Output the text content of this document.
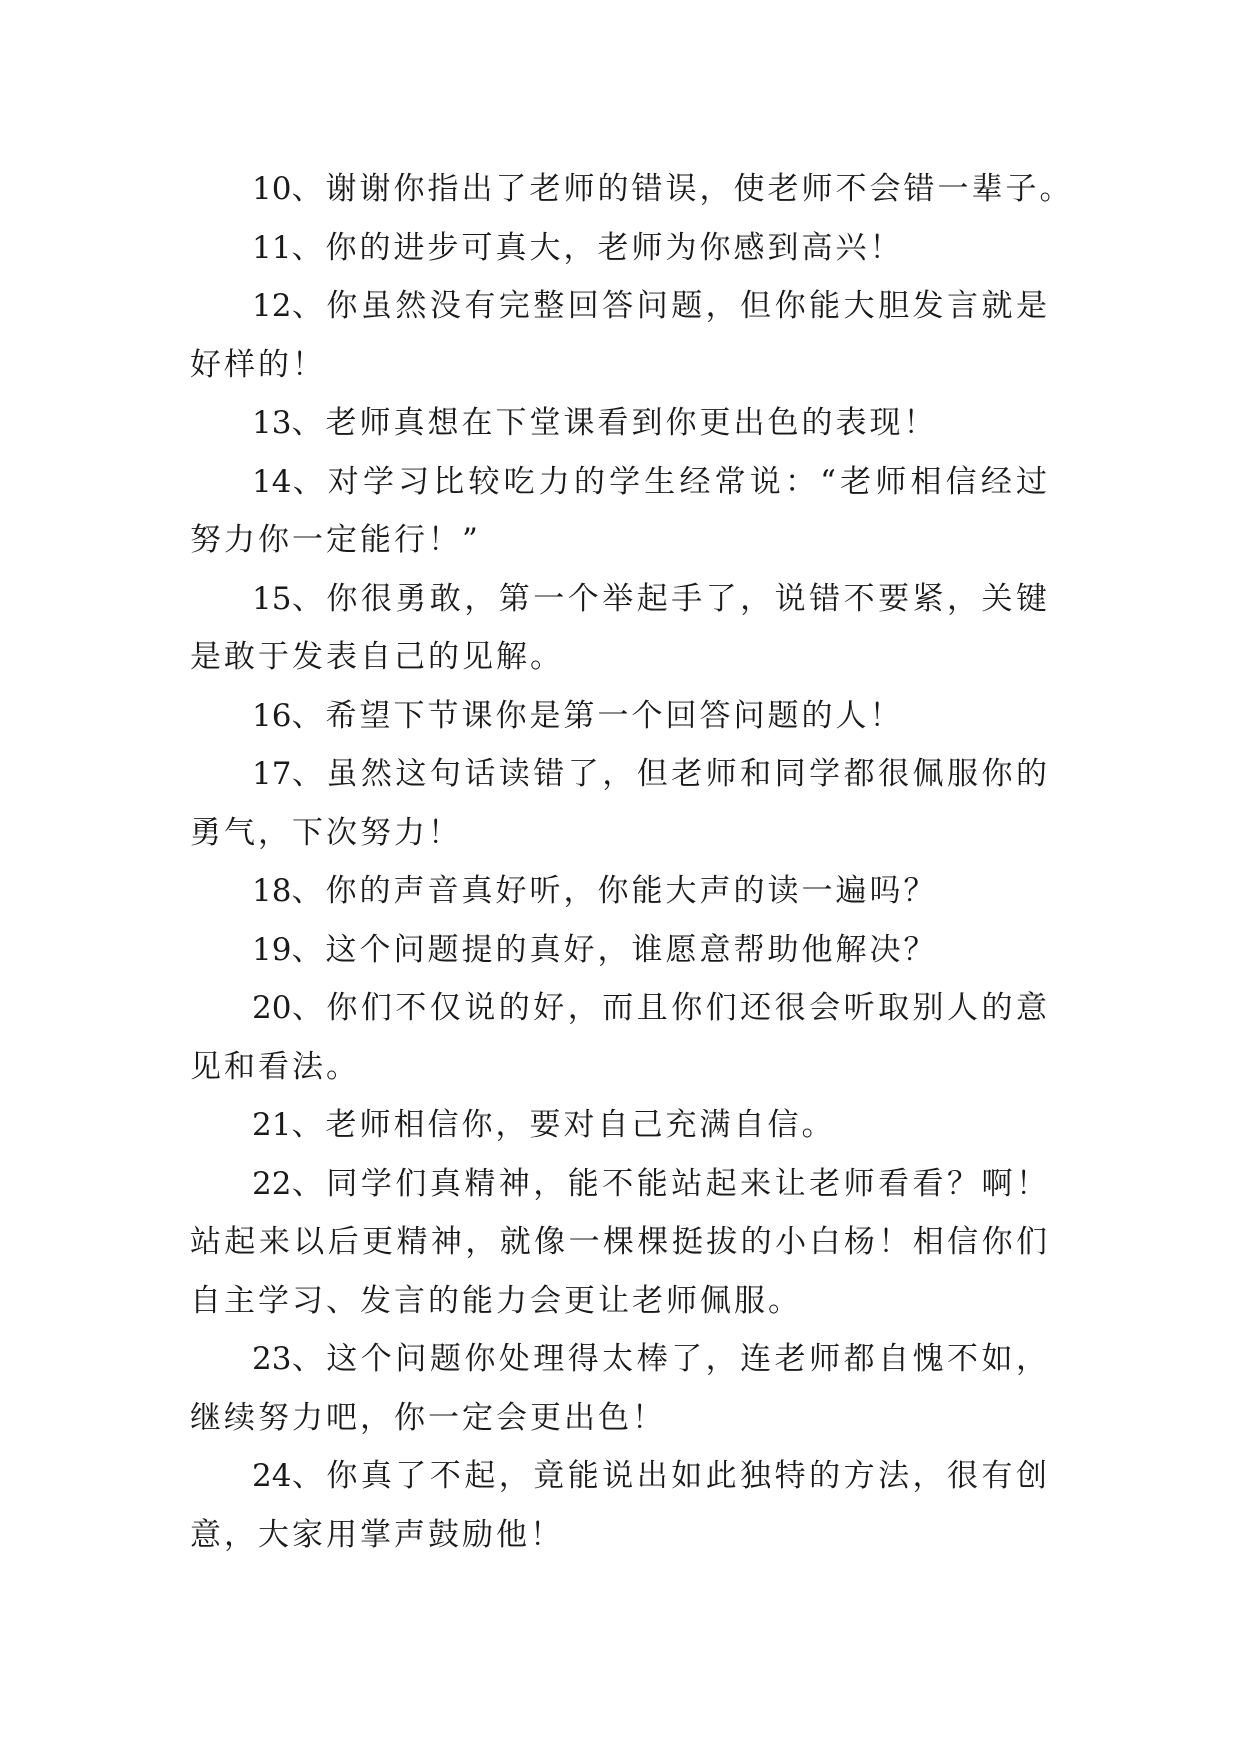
10、谢谢你指出了老师的错误，使老师不会错一辈子。

11、你的进步可真大，老师为你感到高兴！

12、你虽然没有完整回答问题，但你能大胆发言就是好样的！

13、老师真想在下堂课看到你更出色的表现！

14、对学习比较吃力的学生经常说：“老师相信经过努力你一定能行！”

15、你很勇敢，第一个举起手了，说错不要紧，关键是敢于发表自己的见解。

16、希望下节课你是第一个回答问题的人！

17、虽然这句话读错了，但老师和同学都很佩服你的勇气，下次努力！

18、你的声音真好听，你能大声的读一遍吗？

19、这个问题提的真好，谁愿意帮助他解决？

20、你们不仅说的好，而且你们还很会听取别人的意见和看法。

21、老师相信你，要对自己充满自信。

22、同学们真精神，能不能站起来让老师看看？啊！站起来以后更精神，就像一棵棵挺拔的小白杨！相信你们自主学习、发言的能力会更让老师佩服。

23、这个问题你处理得太棒了，连老师都自愧不如，继续努力吧，你一定会更出色！

24、你真了不起，竟能说出如此独特的方法，很有创意，大家用掌声鼓励他！
